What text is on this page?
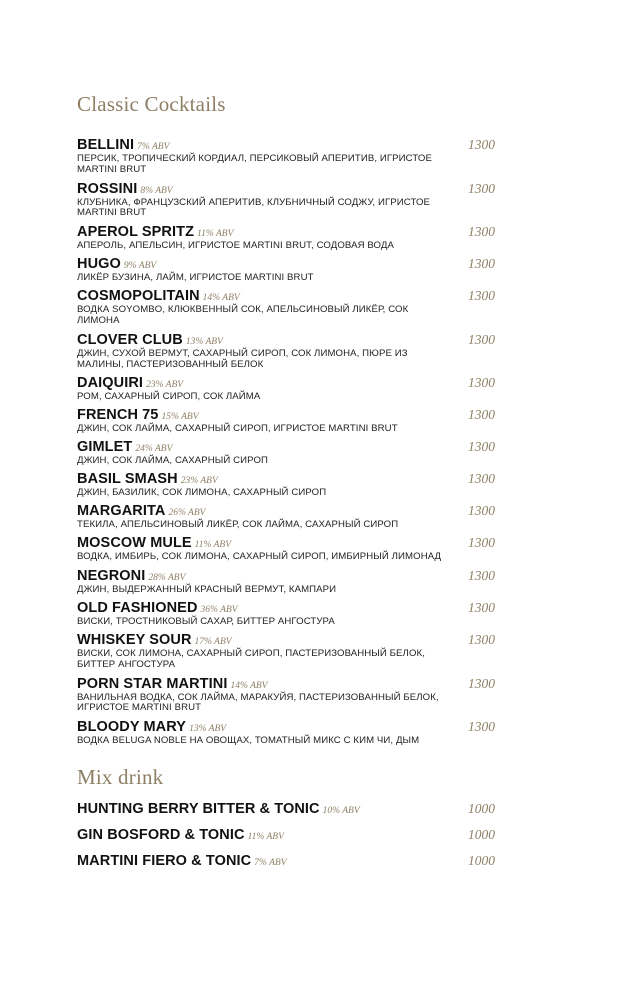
Classic Cocktails
BELLINI 7% ABV
ПЕРСИК, ТРОПИЧЕСКИЙ КОРДИАЛ, ПЕРСИКОВЫЙ АПЕРИТИВ, ИГРИСТОЕ MARTINI BRUT
1300
ROSSINI 8% ABV
КЛУБНИКА, ФРАНЦУЗСКИЙ АПЕРИТИВ, КЛУБНИЧНЫЙ СОДЖУ, ИГРИСТОЕ MARTINI BRUT
1300
APEROL SPRITZ 11% ABV
АПЕРОЛЬ, АПЕЛЬСИН, ИГРИСТОЕ MARTINI BRUT, СОДОВАЯ ВОДА
1300
HUGO 9% ABV
ЛИКЁР БУЗИНА, ЛАЙМ, ИГРИСТОЕ MARTINI BRUT
1300
COSMOPOLITAIN 14% ABV
ВОДКА SOYOMBO, КЛЮКВЕННЫЙ СОК, АПЕЛЬСИНОВЫЙ ЛИКЁР, СОК ЛИМОНА
1300
CLOVER CLUB 13% ABV
ДЖИН, СУХОЙ ВЕРМУТ, САХАРНЫЙ СИРОП, СОК ЛИМОНА, ПЮРЕ ИЗ МАЛИНЫ, ПАСТЕРИЗОВАННЫЙ БЕЛОК
1300
DAIQUIRI 23% ABV
РОМ, САХАРНЫЙ СИРОП, СОК ЛАЙМА
1300
FRENCH 75 15% ABV
ДЖИН, СОК ЛАЙМА, САХАРНЫЙ СИРОП, ИГРИСТОЕ MARTINI BRUT
1300
GIMLET 24% ABV
ДЖИН, СОК ЛАЙМА, САХАРНЫЙ СИРОП
1300
BASIL SMASH 23% ABV
ДЖИН, БАЗИЛИК, СОК ЛИМОНА, САХАРНЫЙ СИРОП
1300
MARGARITA 26% ABV
ТЕКИЛА, АПЕЛЬСИНОВЫЙ ЛИКЁР, СОК ЛАЙМА, САХАРНЫЙ СИРОП
1300
MOSCOW MULE 11% ABV
ВОДКА, ИМБИРЬ, СОК ЛИМОНА, САХАРНЫЙ СИРОП, ИМБИРНЫЙ ЛИМОНАД
1300
NEGRONI 28% ABV
ДЖИН, ВЫДЕРЖАННЫЙ КРАСНЫЙ ВЕРМУТ, КАМПАРИ
1300
OLD FASHIONED 36% ABV
ВИСКИ, ТРОСТНИКОВЫЙ САХАР, БИТТЕР АНГОСТУРА
1300
WHISKEY SOUR 17% ABV
ВИСКИ, СОК ЛИМОНА, САХАРНЫЙ СИРОП, ПАСТЕРИЗОВАННЫЙ БЕЛОК, БИТТЕР АНГОСТУРА
1300
PORN STAR MARTINI 14% ABV
ВАНИЛЬНАЯ ВОДКА, СОК ЛАЙМА, МАРАКУЙЯ, ПАСТЕРИЗОВАННЫЙ БЕЛОК, ИГРИСТОЕ MARTINI BRUT
1300
BLOODY MARY 13% ABV
ВОДКА BELUGA NOBLE НА ОВОЩАХ, ТОМАТНЫЙ МИКС С КИМ ЧИ, ДЫМ
1300
Mix drink
HUNTING BERRY BITTER & TONIC 10% ABV	1000
GIN BOSFORD & TONIC 11% ABV	1000
MARTINI FIERO & TONIC 7% ABV	1000
